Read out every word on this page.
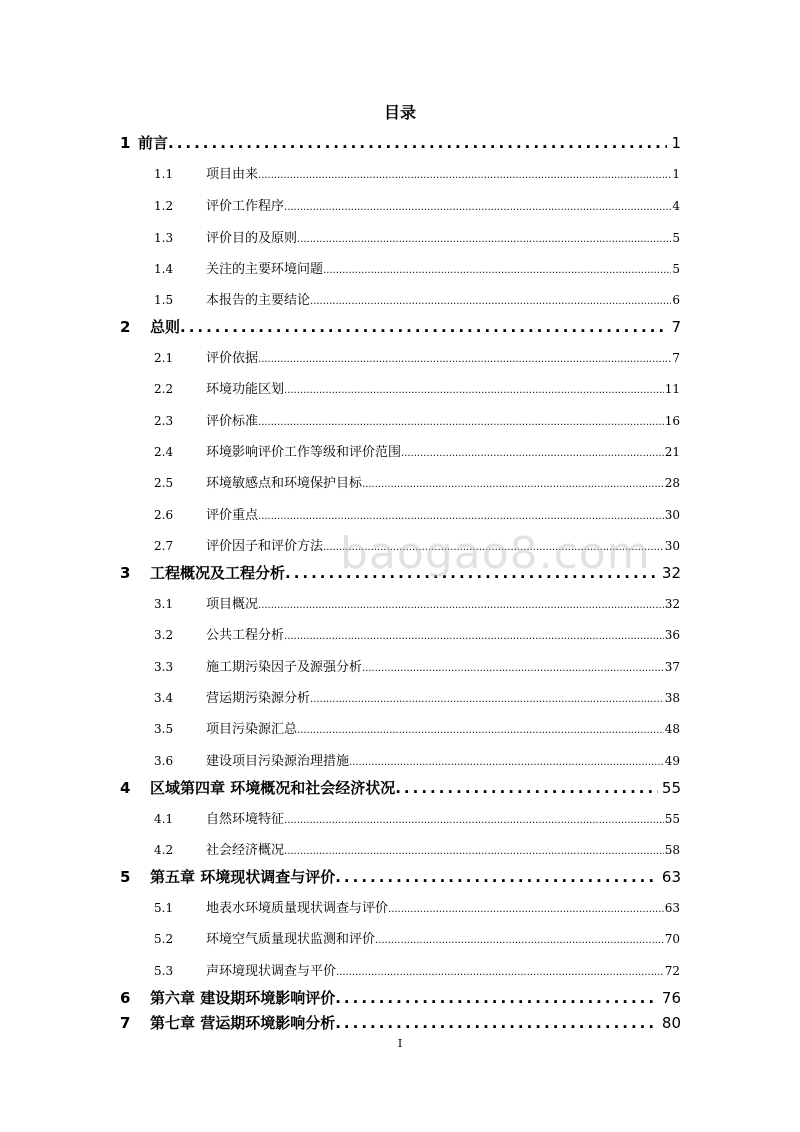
目录
1 前言 .....	1
1.1	项目由来 .....	1
1.2	评价工作程序 .....	4
1.3	评价目的及原则 .....	5
1.4	关注的主要环境问题 .....	5
1.5	本报告的主要结论 .....	6
2	总则 .....	7
2.1	评价依据 .....	7
2.2	环境功能区划 .....	11
2.3	评价标准 .....	16
2.4	环境影响评价工作等级和评价范围 .....	21
2.5	环境敏感点和环境保护目标 .....	28
2.6	评价重点 .....	30
2.7	评价因子和评价方法 .....	30
3	工程概况及工程分析 .....	32
3.1	项目概况 .....	32
3.2	公共工程分析 .....	36
3.3	施工期污染因子及源强分析 .....	37
3.4	营运期污染源分析 .....	38
3.5	项目污染源汇总 .....	48
3.6	建设项目污染源治理措施 .....	49
4	区域第四章 环境概况和社会经济状况 .....	55
4.1	自然环境特征 .....	55
4.2	社会经济概况 .....	58
5	第五章 环境现状调查与评价 .....	63
5.1	地表水环境质量现状调查与评价 .....	63
5.2	环境空气质量现状监测和评价 .....	70
5.3	声环境现状调查与平价 .....	72
6	第六章 建设期环境影响评价 .....	76
7	第七章 营运期环境影响分析 .....	80
baogao8.com
I
